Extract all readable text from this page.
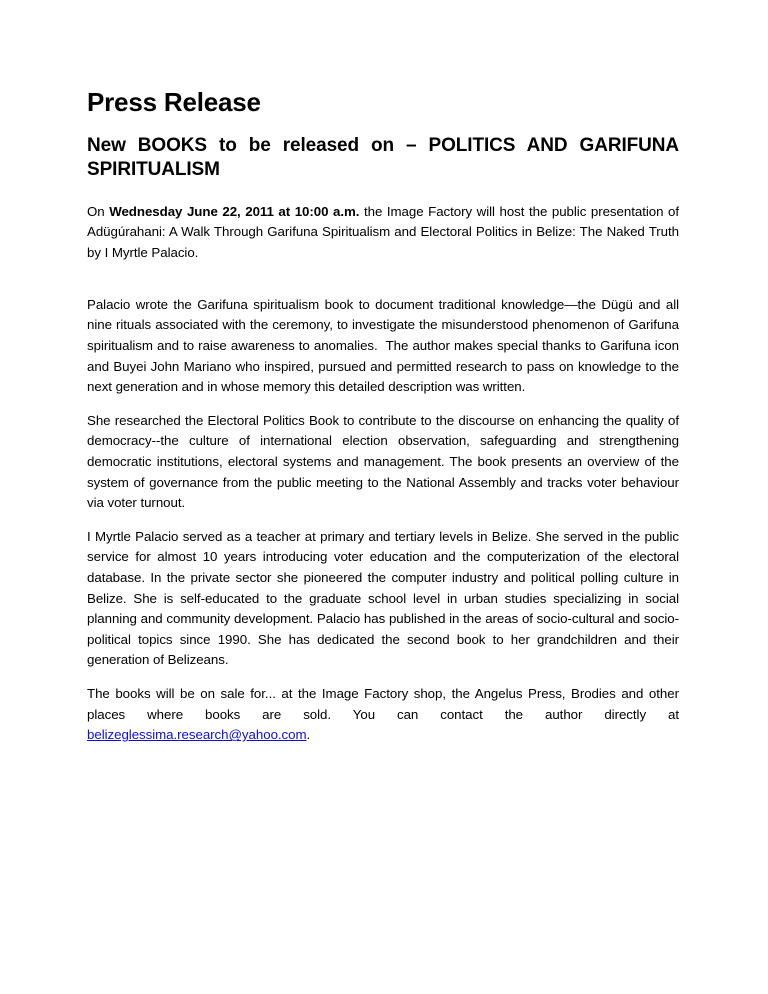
Press Release
New BOOKS to be released on – POLITICS AND GARIFUNA SPIRITUALISM

On Wednesday June 22, 2011 at 10:00 a.m. the Image Factory will host the public presentation of Adügúrahani: A Walk Through Garifuna Spiritualism and Electoral Politics in Belize: The Naked Truth by I Myrtle Palacio.

Palacio wrote the Garifuna spiritualism book to document traditional knowledge—the Dügü and all nine rituals associated with the ceremony, to investigate the misunderstood phenomenon of Garifuna spiritualism and to raise awareness to anomalies.  The author makes special thanks to Garifuna icon and Buyei John Mariano who inspired, pursued and permitted research to pass on knowledge to the next generation and in whose memory this detailed description was written.

She researched the Electoral Politics Book to contribute to the discourse on enhancing the quality of democracy--the culture of international election observation, safeguarding and strengthening democratic institutions, electoral systems and management. The book presents an overview of the system of governance from the public meeting to the National Assembly and tracks voter behaviour via voter turnout.

I Myrtle Palacio served as a teacher at primary and tertiary levels in Belize. She served in the public service for almost 10 years introducing voter education and the computerization of the electoral database. In the private sector she pioneered the computer industry and political polling culture in Belize. She is self-educated to the graduate school level in urban studies specializing in social planning and community development. Palacio has published in the areas of socio-cultural and socio-political topics since 1990. She has dedicated the second book to her grandchildren and their generation of Belizeans.

The books will be on sale for... at the Image Factory shop, the Angelus Press, Brodies and other places where books are sold. You can contact the author directly at belizeglessima.research@yahoo.com.
